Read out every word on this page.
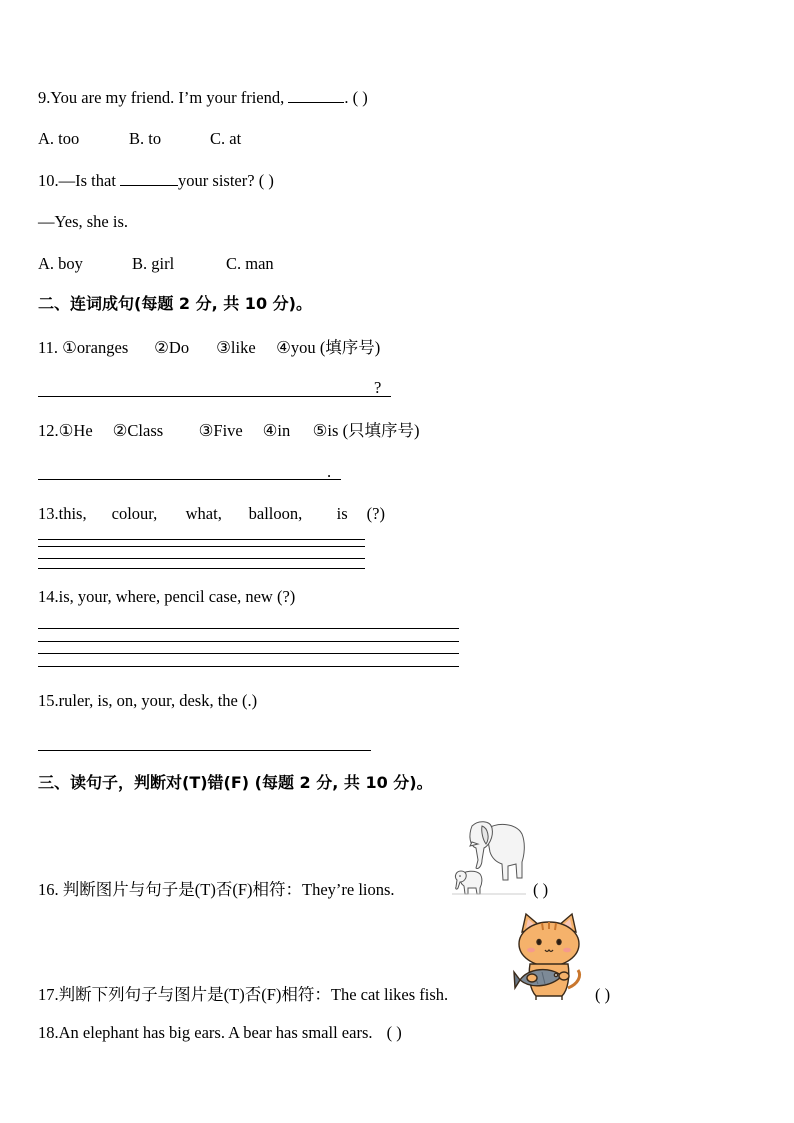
9.You are my friend. I’m your friend,	. ( )
A. too	B. to	C. at
10.—Is that	your sister? ( )
—Yes, she is.
A. boy	B. girl	C. man
二、连词成句(每题 2 分, 共 10 分)。
11. ①oranges ②Do ③like ④you (填序号)
?
12.①He ②Class ③Five ④in ⑤is (只填序号)
.
13.this, colour, what, balloon, is (?)
14.is, your, where, pencil case, new (?)
15.ruler, is, on, your, desk, the (.)
三、读句子，判断对(T)错(F) (每题 2 分, 共 10 分)。
16. 判断图片与句子是(T)否(F)相符：They’re lions.	( )
17.判断下列句子与图片是(T)否(F)相符：The cat likes fish.	( )
18.An elephant has big ears. A bear has small ears. ( )
